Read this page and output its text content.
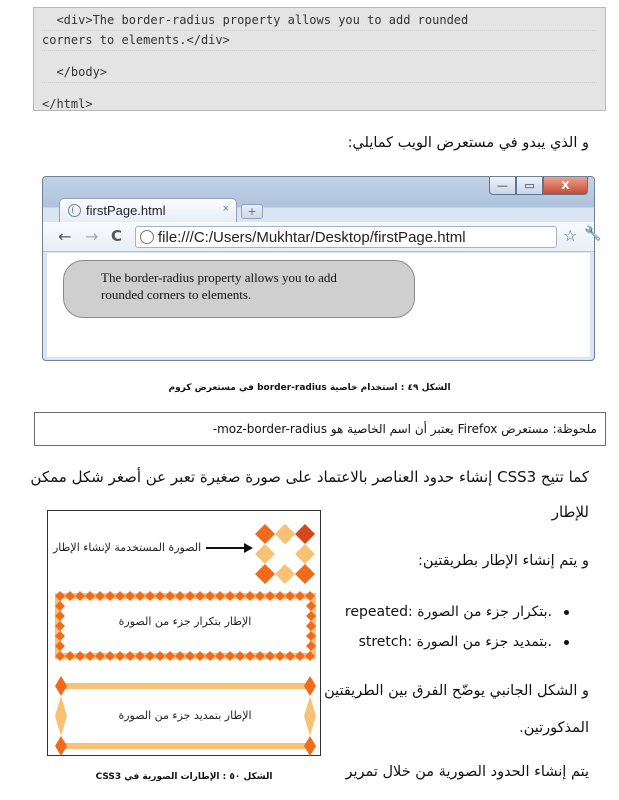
<div>The border-radius property allows you to add rounded
corners to elements.</div>
</body>
</html>
و الذي يبدو في مستعرض الويب كمايلي:
—	▭	X
firstPage.html	×	+
← → C file:///C:/Users/Mukhtar/Desktop/firstPage.html	☆ 🔧
The border-radius property allows you to add
rounded corners to elements.
الشكل ٤٩ : استخدام خاصية border-radius في مستعرض كروم
ملحوظة: مستعرض Firefox يعتبر أن اسم الخاصية هو moz-border-radius-
كما تتيح CSS3 إنشاء حدود العناصر بالاعتماد على صورة صغيرة تعبر عن أصغر شكل ممكن
للإطار
و يتم إنشاء الإطار بطريقتين:
repeated: بتكرار جزء من الصورة.
stretch: بتمديد جزء من الصورة.
و الشكل الجانبي يوضّح الفرق بين الطريقتين
المذكورتين.
يتم إنشاء الحدود الصورية من خلال تمرير
الصورة المستخدمة لإنشاء الإطار
الإطار بتكرار جزء من الصورة
الإطار بتمديد جزء من الصورة
الشكل ٥٠ : الإطارات الصورية في CSS3
